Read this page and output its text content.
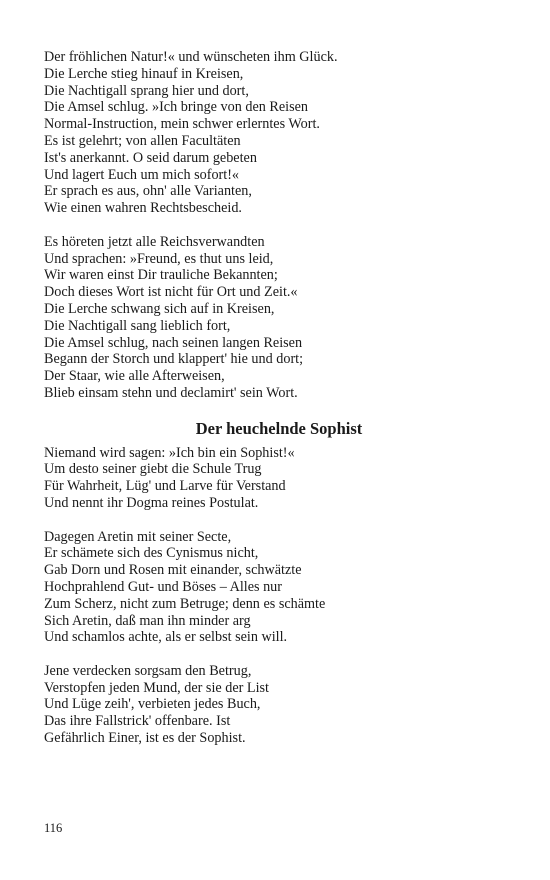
Der fröhlichen Natur!« und wünscheten ihm Glück.
Die Lerche stieg hinauf in Kreisen,
Die Nachtigall sprang hier und dort,
Die Amsel schlug. »Ich bringe von den Reisen
Normal-Instruction, mein schwer erlerntes Wort.
Es ist gelehrt; von allen Facultäten
Ist's anerkannt. O seid darum gebeten
Und lagert Euch um mich sofort!«
Er sprach es aus, ohn' alle Varianten,
Wie einen wahren Rechtsbescheid.
Es höreten jetzt alle Reichsverwandten
Und sprachen: »Freund, es thut uns leid,
Wir waren einst Dir trauliche Bekannten;
Doch dieses Wort ist nicht für Ort und Zeit.«
Die Lerche schwang sich auf in Kreisen,
Die Nachtigall sang lieblich fort,
Die Amsel schlug, nach seinen langen Reisen
Begann der Storch und klappert' hie und dort;
Der Staar, wie alle Afterweisen,
Blieb einsam stehn und declamirt' sein Wort.
Der heuchelnde Sophist
Niemand wird sagen: »Ich bin ein Sophist!«
Um desto seiner giebt die Schule Trug
Für Wahrheit, Lüg' und Larve für Verstand
Und nennt ihr Dogma reines Postulat.
Dagegen Aretin mit seiner Secte,
Er schämete sich des Cynismus nicht,
Gab Dorn und Rosen mit einander, schwätzte
Hochprahlend Gut- und Böses – Alles nur
Zum Scherz, nicht zum Betruge; denn es schämte
Sich Aretin, daß man ihn minder arg
Und schamlos achte, als er selbst sein will.
Jene verdecken sorgsam den Betrug,
Verstopfen jeden Mund, der sie der List
Und Lüge zeih', verbieten jedes Buch,
Das ihre Fallstrick' offenbare. Ist
Gefährlich Einer, ist es der Sophist.
116
